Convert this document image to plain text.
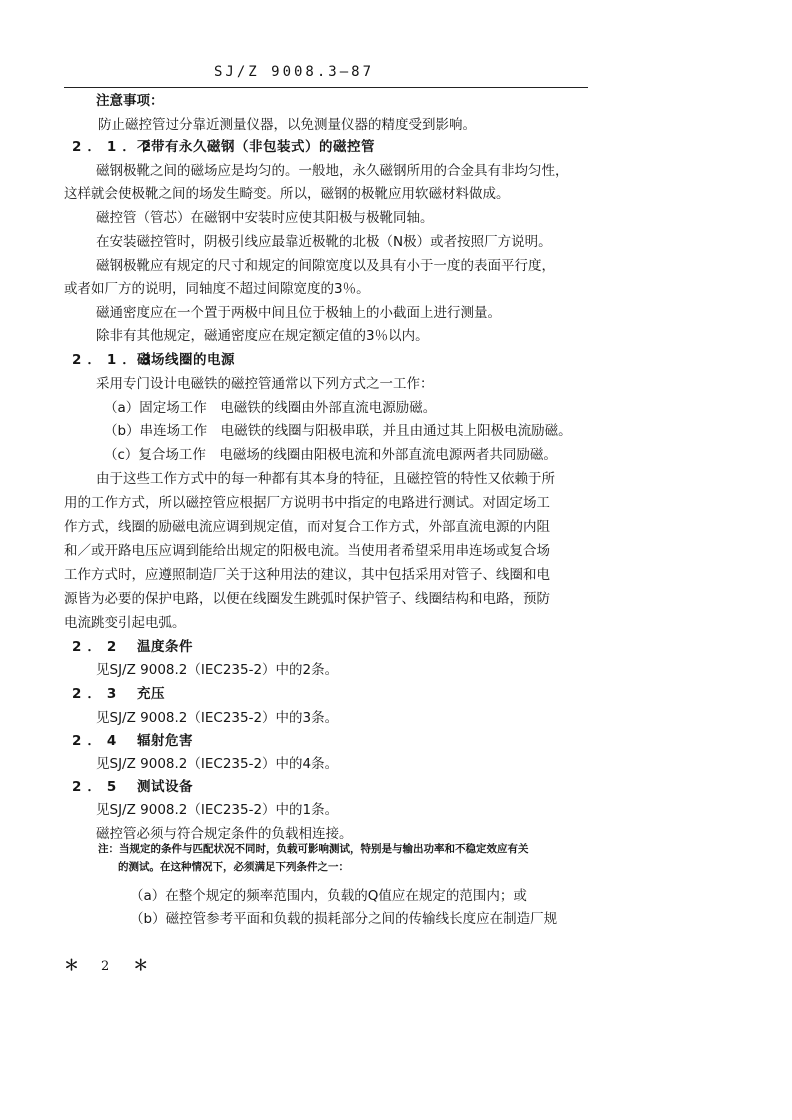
SJ/Z 9008.3—87
注意事项：
防止磁控管过分靠近测量仪器，以免测量仪器的精度受到影响。
2．1．2不带有永久磁钢（非包装式）的磁控管
磁钢极靴之间的磁场应是均匀的。一般地，永久磁钢所用的合金具有非均匀性，
这样就会使极靴之间的场发生畸变。所以，磁钢的极靴应用软磁材料做成。
磁控管（管芯）在磁钢中安装时应使其阳极与极靴同轴。
在安装磁控管时，阴极引线应最靠近极靴的北极（N极）或者按照厂方说明。
磁钢极靴应有规定的尺寸和规定的间隙宽度以及具有小于一度的表面平行度，
或者如厂方的说明，同轴度不超过间隙宽度的3％。
磁通密度应在一个置于两极中间且位于极轴上的小截面上进行测量。
除非有其他规定，磁通密度应在规定额定值的3％以内。
2．1．3磁场线圈的电源
采用专门设计电磁铁的磁控管通常以下列方式之一工作：
（a）固定场工作　电磁铁的线圈由外部直流电源励磁。
（b）串连场工作　电磁铁的线圈与阳极串联，并且由通过其上阳极电流励磁。
（c）复合场工作　电磁场的线圈由阳极电流和外部直流电源两者共同励磁。
由于这些工作方式中的每一种都有其本身的特征，且磁控管的特性又依赖于所
用的工作方式，所以磁控管应根据厂方说明书中指定的电路进行测试。对固定场工
作方式，线圈的励磁电流应调到规定值，而对复合工作方式，外部直流电源的内阻
和／或开路电压应调到能给出规定的阳极电流。当使用者希望采用串连场或复合场
工作方式时，应遵照制造厂关于这种用法的建议，其中包括采用对管子、线圈和电
源皆为必要的保护电路，以便在线圈发生跳弧时保护管子、线圈结构和电路，预防
电流跳变引起电弧。
2．2 温度条件
见SJ/Z 9008.2（IEC235-2）中的2条。
2．3 充压
见SJ/Z 9008.2（IEC235-2）中的3条。
2．4 辐射危害
见SJ/Z 9008.2（IEC235-2）中的4条。
2．5 测试设备
见SJ/Z 9008.2（IEC235-2）中的1条。
磁控管必须与符合规定条件的负载相连接。
注：当规定的条件与匹配状况不同时，负载可影响测试，特别是与输出功率和不稳定效应有关
的测试。在这种情况下，必须满足下列条件之一：
（a）在整个规定的频率范围内，负载的Q值应在规定的范围内；或
（b）磁控管参考平面和负载的损耗部分之间的传输线长度应在制造厂规
＊ 2 ＊
